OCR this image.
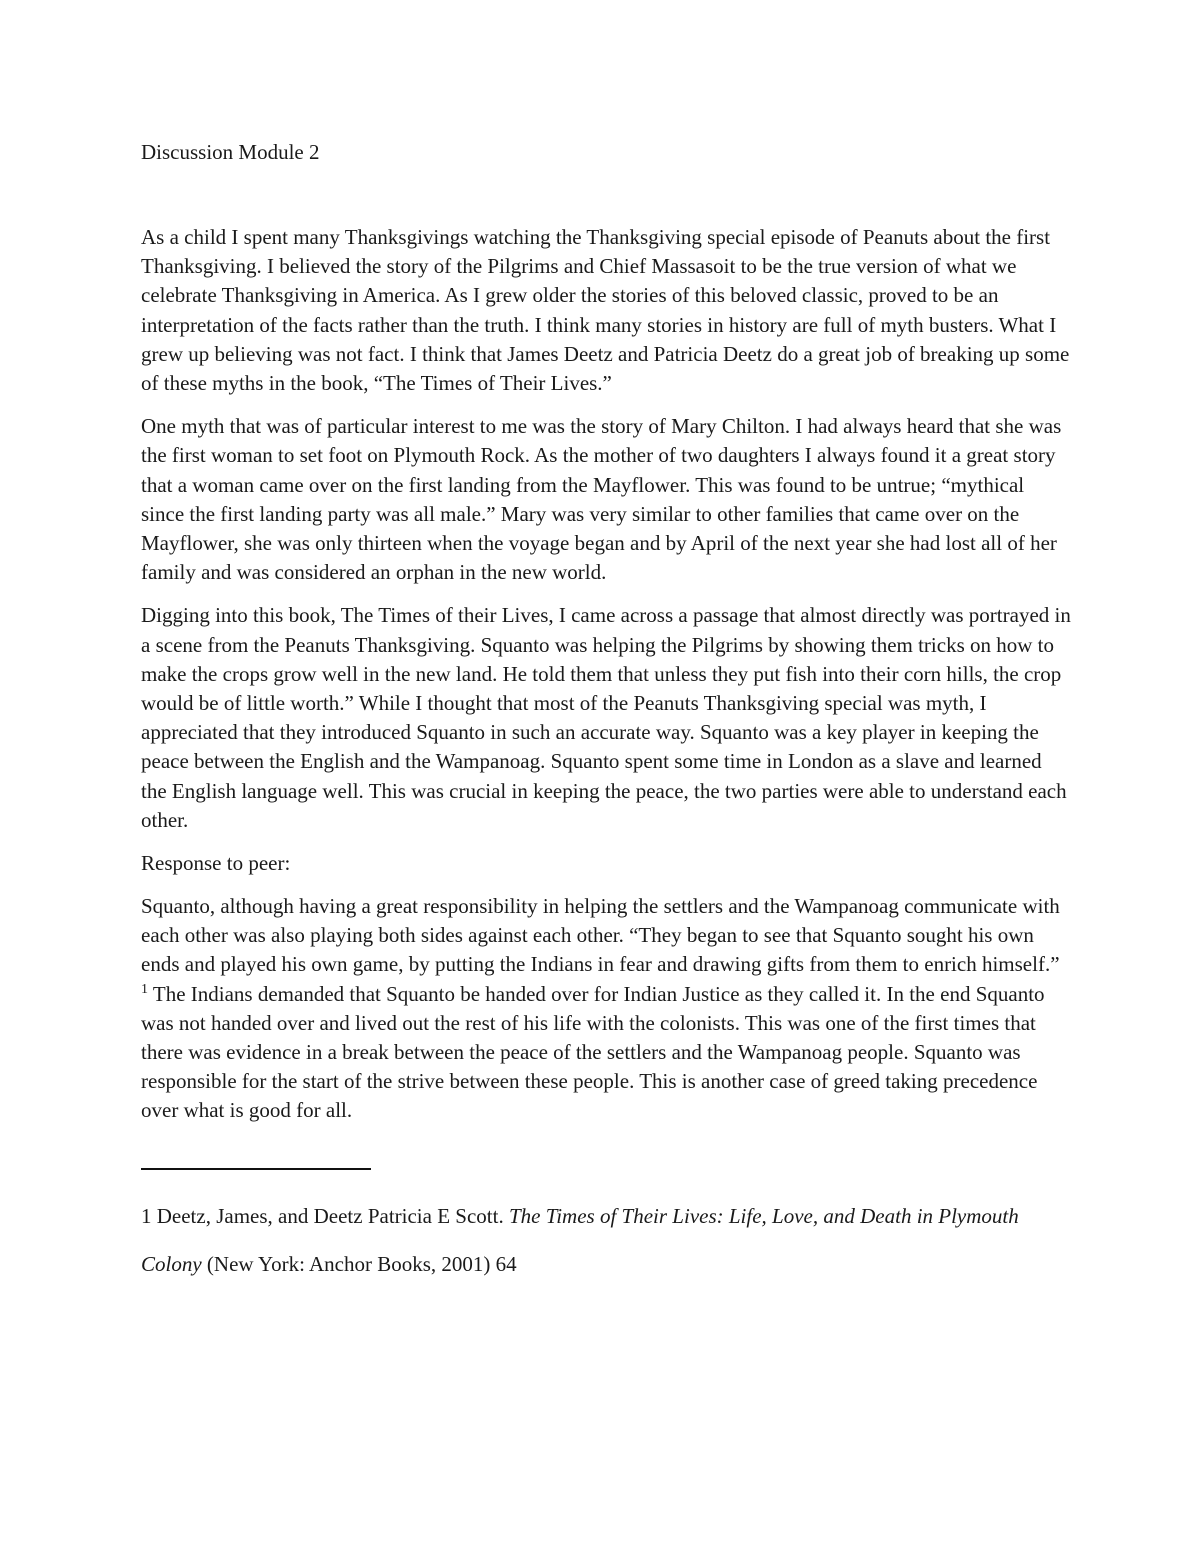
Discussion Module 2

As a child I spent many Thanksgivings watching the Thanksgiving special episode of Peanuts about the first Thanksgiving. I believed the story of the Pilgrims and Chief Massasoit to be the true version of what we celebrate Thanksgiving in America. As I grew older the stories of this beloved classic, proved to be an interpretation of the facts rather than the truth. I think many stories in history are full of myth busters. What I grew up believing was not fact. I think that James Deetz and Patricia Deetz do a great job of breaking up some of these myths in the book, “The Times of Their Lives.”

One myth that was of particular interest to me was the story of Mary Chilton. I had always heard that she was the first woman to set foot on Plymouth Rock. As the mother of two daughters I always found it a great story that a woman came over on the first landing from the Mayflower. This was found to be untrue; “mythical since the first landing party was all male.” Mary was very similar to other families that came over on the Mayflower, she was only thirteen when the voyage began and by April of the next year she had lost all of her family and was considered an orphan in the new world.

Digging into this book, The Times of their Lives, I came across a passage that almost directly was portrayed in a scene from the Peanuts Thanksgiving. Squanto was helping the Pilgrims by showing them tricks on how to make the crops grow well in the new land. He told them that unless they put fish into their corn hills, the crop would be of little worth.” While I thought that most of the Peanuts Thanksgiving special was myth, I appreciated that they introduced Squanto in such an accurate way. Squanto was a key player in keeping the peace between the English and the Wampanoag. Squanto spent some time in London as a slave and learned the English language well. This was crucial in keeping the peace, the two parties were able to understand each other.

Response to peer:

Squanto, although having a great responsibility in helping the settlers and the Wampanoag communicate with each other was also playing both sides against each other. “They began to see that Squanto sought his own ends and played his own game, by putting the Indians in fear and drawing gifts from them to enrich himself.” $^1$ The Indians demanded that Squanto be handed over for Indian Justice as they called it. In the end Squanto was not handed over and lived out the rest of his life with the colonists. This was one of the first times that there was evidence in a break between the peace of the settlers and the Wampanoag people. Squanto was responsible for the start of the strive between these people. This is another case of greed taking precedence over what is good for all.

1 Deetz, James, and Deetz Patricia E Scott. The Times of Their Lives: Life, Love, and Death in Plymouth Colony (New York: Anchor Books, 2001) 64
